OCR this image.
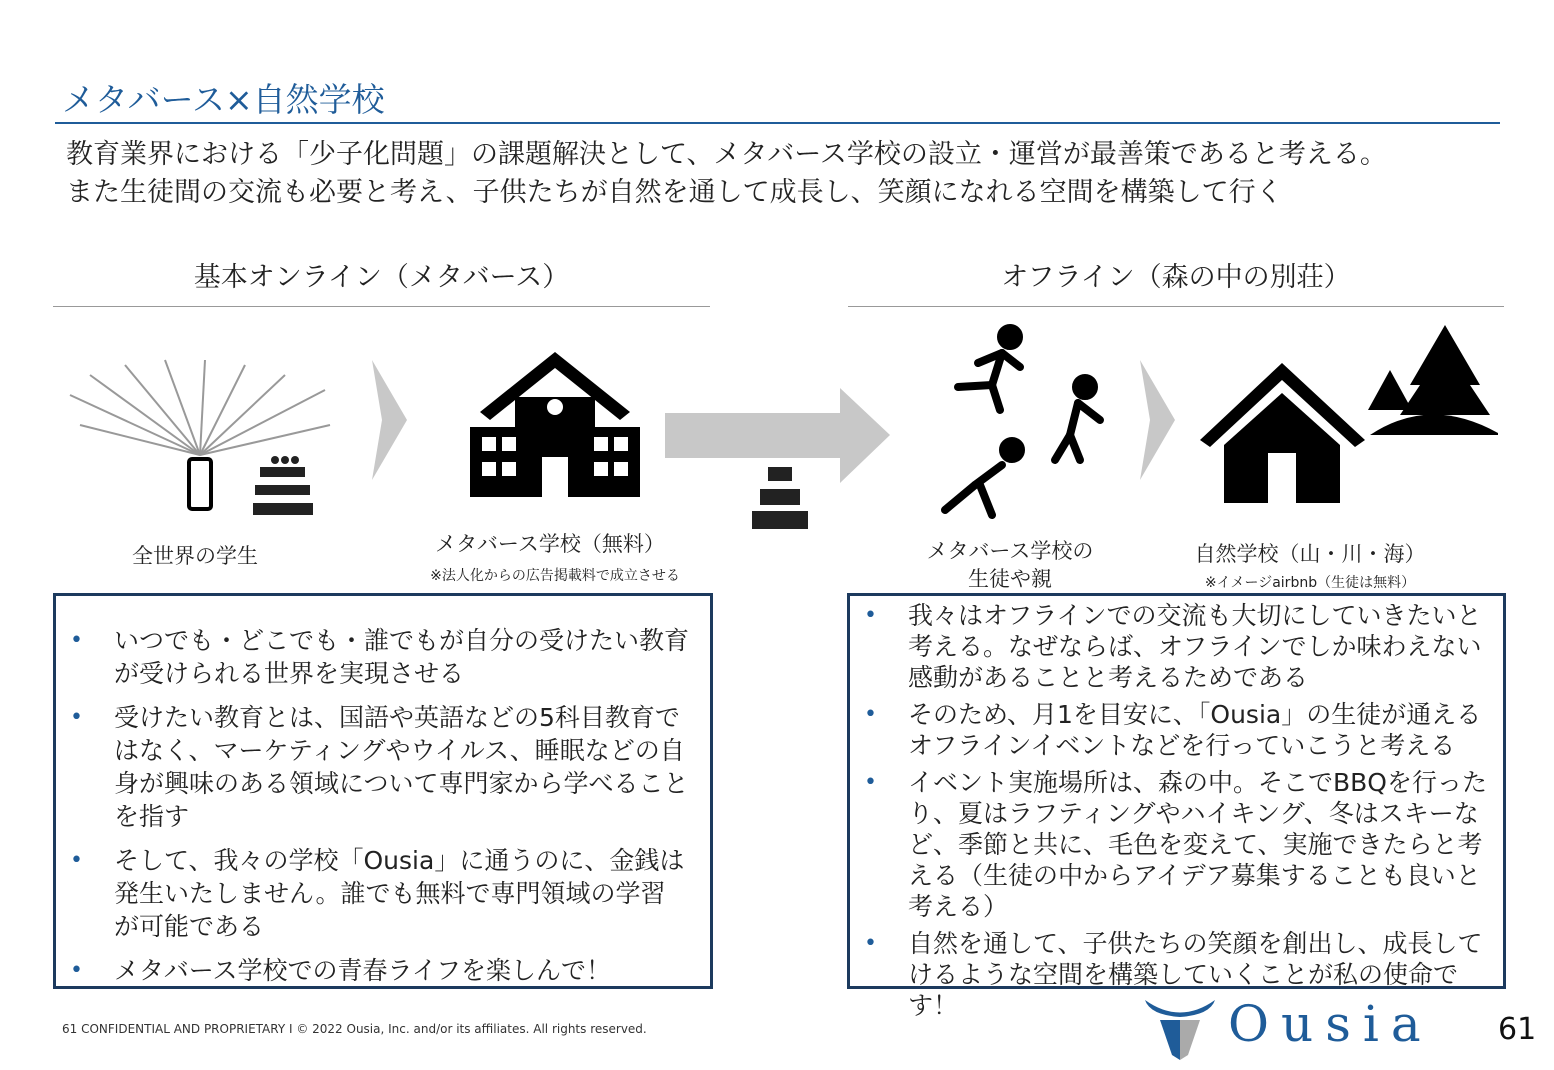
メタバース×自然学校
教育業界における「少子化問題」の課題解決として、メタバース学校の設立・運営が最善策であると考える。
また生徒間の交流も必要と考え、子供たちが自然を通して成長し、笑顔になれる空間を構築して行く
基本オンライン（メタバース）	オフライン（森の中の別荘）
全世界の学生	メタバース学校（無料）
※法人化からの広告掲載料で成立させる
メタバース学校の生徒や親
自然学校（山・川・海）
※イメージairbnb（生徒は無料）
• いつでも・どこでも・誰でもが自分の受けたい教育が受けられる世界を実現させる
• 受けたい教育とは、国語や英語などの5科目教育ではなく、マーケティングやウイルス、睡眠などの自身が興味のある領域について専門家から学べることを指す
• そして、我々の学校「Ousia」に通うのに、金銭は発生いたしません。誰でも無料で専門領域の学習が可能である
• メタバース学校での青春ライフを楽しんで！
• 我々はオフラインでの交流も大切にしていきたいと考える。なぜならば、オフラインでしか味わえない感動があることと考えるためである
• そのため、月1を目安に、「Ousia」の生徒が通えるオフラインイベントなどを行っていこうと考える
• イベント実施場所は、森の中。そこでBBQを行ったり、夏はラフティングやハイキング、冬はスキーなど、季節と共に、毛色を変えて、実施できたらと考える（生徒の中からアイデア募集することも良いと考える）
• 自然を通して、子供たちの笑顔を創出し、成長してけるような空間を構築していくことが私の使命です！
61 CONFIDENTIAL AND PROPRIETARY I © 2022 Ousia, Inc. and/or its affiliates. All rights reserved.	Ousia 61
